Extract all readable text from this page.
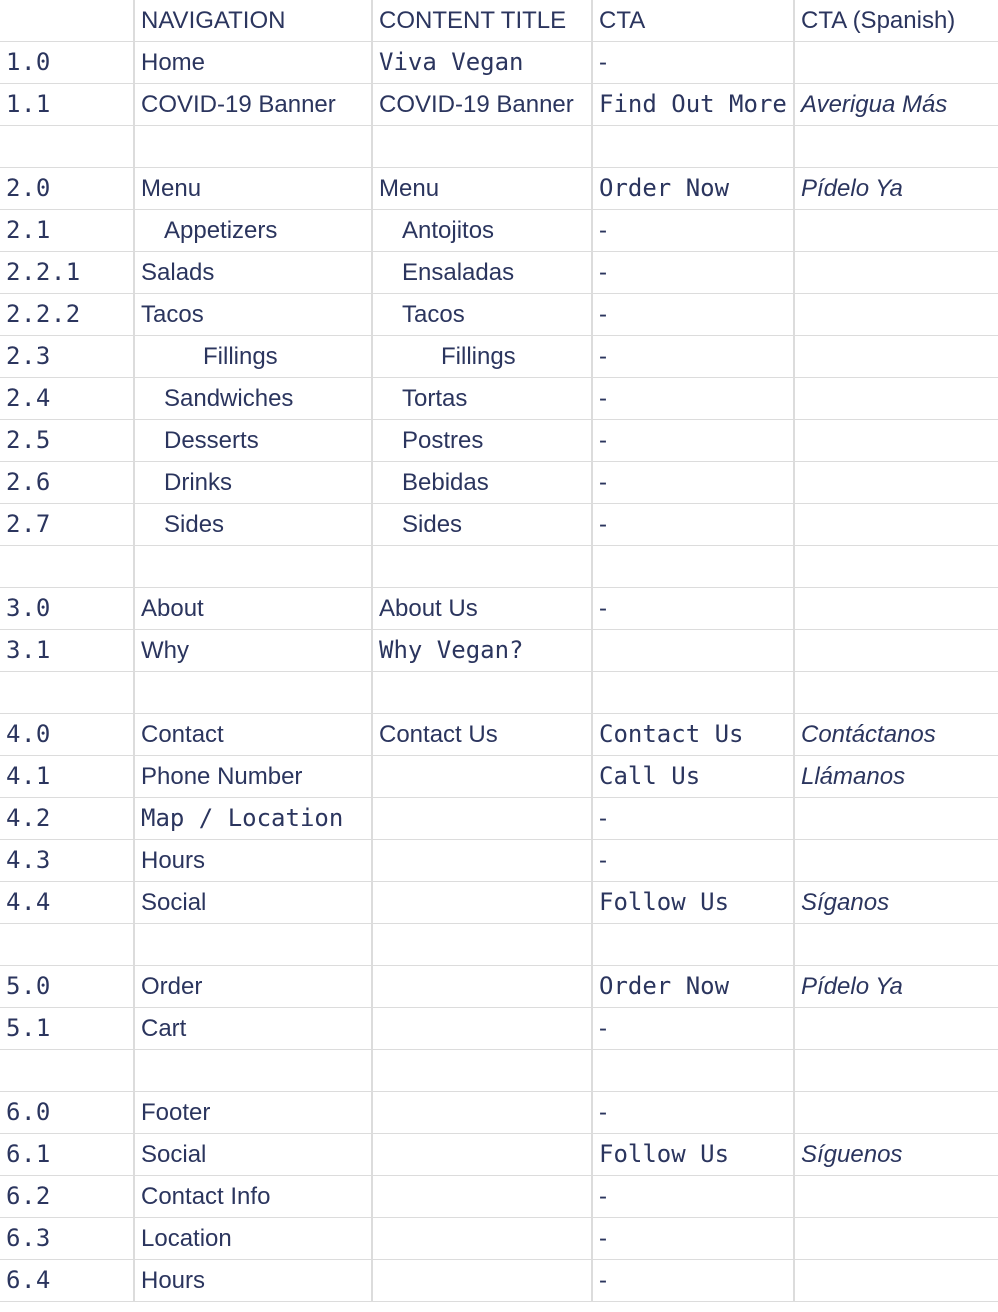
	NAVIGATION	CONTENT TITLE	CTA	CTA (Spanish)
1.0	Home	Viva Vegan	-	
1.1	COVID-19 Banner	COVID-19 Banner	Find Out More	Averigua Más

2.0	Menu	Menu	Order Now	Pídelo Ya
2.1	Appetizers	Antojitos	-	
2.2.1	Salads	Ensaladas	-	
2.2.2	Tacos	Tacos	-	
2.3	Fillings	Fillings	-	
2.4	Sandwiches	Tortas	-	
2.5	Desserts	Postres	-	
2.6	Drinks	Bebidas	-	
2.7	Sides	Sides	-	

3.0	About	About Us	-	
3.1	Why	Why Vegan?		

4.0	Contact	Contact Us	Contact Us	Contáctanos
4.1	Phone Number		Call Us	Llámanos
4.2	Map / Location		-	
4.3	Hours		-	
4.4	Social		Follow Us	Síganos

5.0	Order		Order Now	Pídelo Ya
5.1	Cart		-	

6.0	Footer		-	
6.1	Social		Follow Us	Síguenos
6.2	Contact Info		-	
6.3	Location		-	
6.4	Hours		-	
